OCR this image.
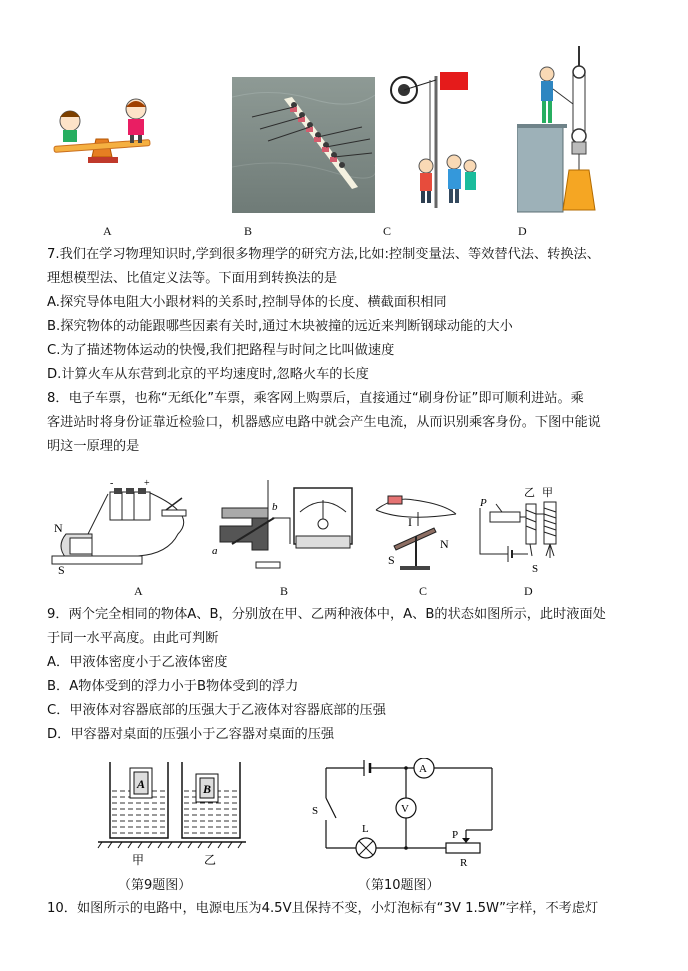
A	B	C	D
7.我们在学习物理知识时,学到很多物理学的研究方法,比如:控制变量法、等效替代法、转换法、
理想模型法、比值定义法等。下面用到转换法的是
A.探究导体电阻大小跟材料的关系时,控制导体的长度、横截面积相同
B.探究物体的动能跟哪些因素有关时,通过木块被撞的远近来判断钢球动能的大小
C.为了描述物体运动的快慢,我们把路程与时间之比叫做速度
D.计算火车从东营到北京的平均速度时,忽略火车的长度
8．电子车票，也称“无纸化”车票，乘客网上购票后，直接通过“刷身份证”即可顺利进站。乘
客进站时将身份证靠近检验口，机器感应电路中就会产生电流，从而识别乘客身份。下图中能说
明这一原理的是
-	+
N
S
a
b
I
S
N
P
乙 甲
S
A	B	C	D
9．两个完全相同的物体A、B，分别放在甲、乙两种液体中，A、B的状态如图所示，此时液面处
于同一水平高度。由此可判断
A．甲液体密度小于乙液体密度
B．A物体受到的浮力小于B物体受到的浮力
C．甲液体对容器底部的压强大于乙液体对容器底部的压强
D．甲容器对桌面的压强小于乙容器对桌面的压强
A	B
甲	乙
（第9题图）
A
S
L
V
P
R
（第10题图）
10．如图所示的电路中，电源电压为4.5V且保持不变，小灯泡标有“3V 1.5W”字样，不考虑灯
